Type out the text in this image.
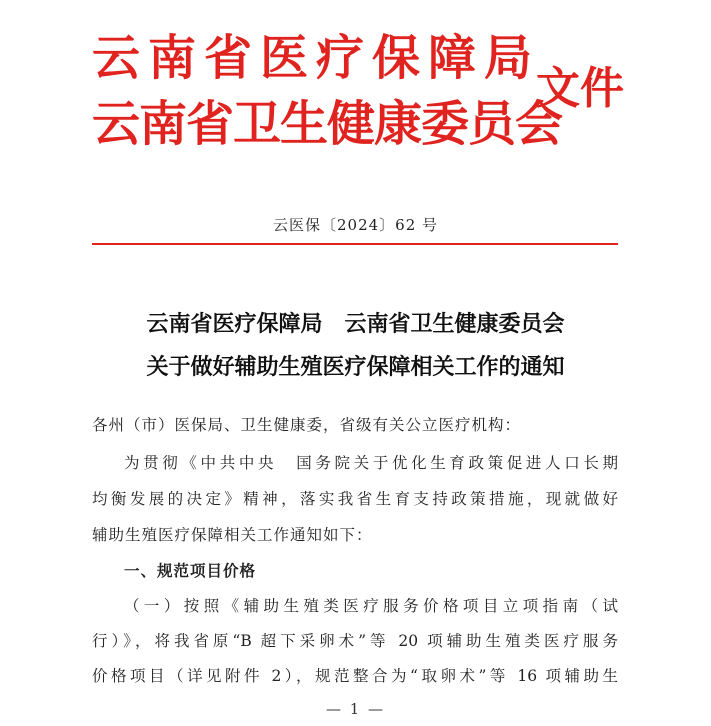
云南省医疗保障局
云南省卫生健康委员会
文件
云医保〔2024〕62 号
云南省医疗保障局　云南省卫生健康委员会
关于做好辅助生殖医疗保障相关工作的通知
各州（市）医保局、卫生健康委，省级有关公立医疗机构：
为贯彻《中共中央　国务院关于优化生育政策促进人口长期
均衡发展的决定》精神，落实我省生育支持政策措施，现就做好
辅助生殖医疗保障相关工作通知如下：
一、规范项目价格
（一）按照《辅助生殖类医疗服务价格项目立项指南（试
行）》，将我省原“B 超下采卵术”等 20 项辅助生殖类医疗服务
价格项目（详见附件 2），规范整合为“取卵术”等 16 项辅助生
— 1 —
